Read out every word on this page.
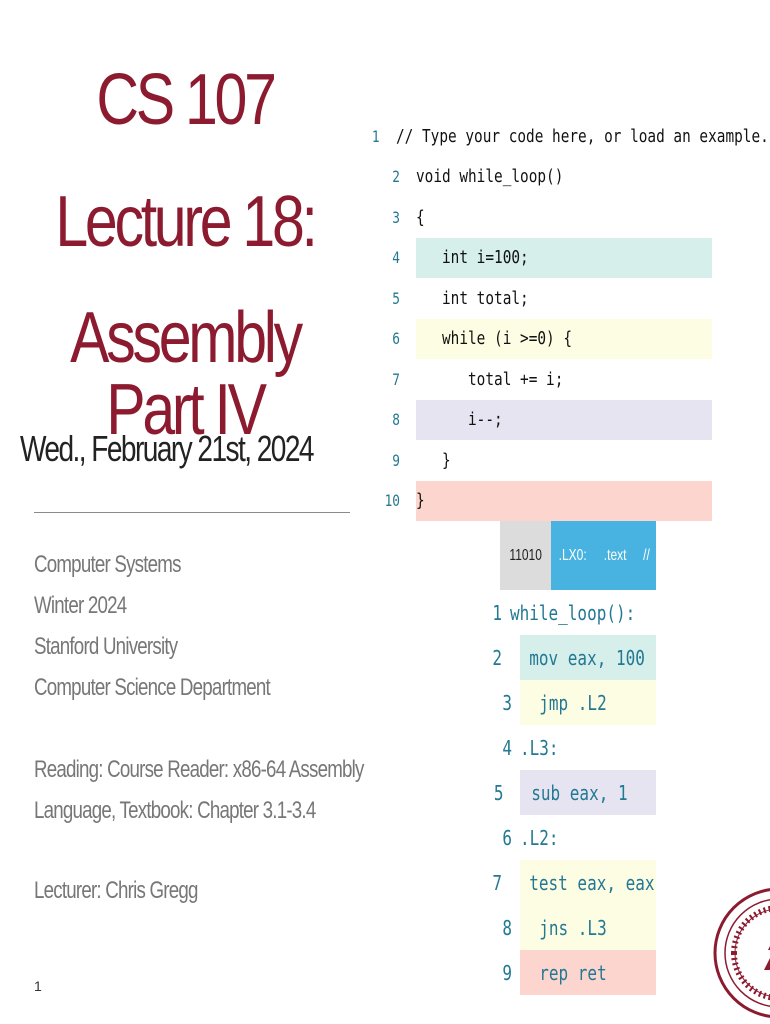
CS 107
Lecture 18:
Assembly Part IV
Wed., February 21st, 2024
Computer Systems
Winter 2024
Stanford University
Computer Science Department
Reading: Course Reader: x86-64 Assembly
Language, Textbook: Chapter 3.1-3.4
Lecturer: Chris Gregg
1
1 // Type your code here, or load an example.
2 void while_loop()
3 {
4 int i=100;
5 int total;
6 while (i >=0) {
7 total += i;
8 i--;
9 }
10 }
11010 .LX0: .text //
1 while_loop():
2 mov eax, 100
3 jmp .L2
4 .L3:
5 sub eax, 1
6 .L2:
7 test eax, eax
8 jns .L3
9 rep ret
